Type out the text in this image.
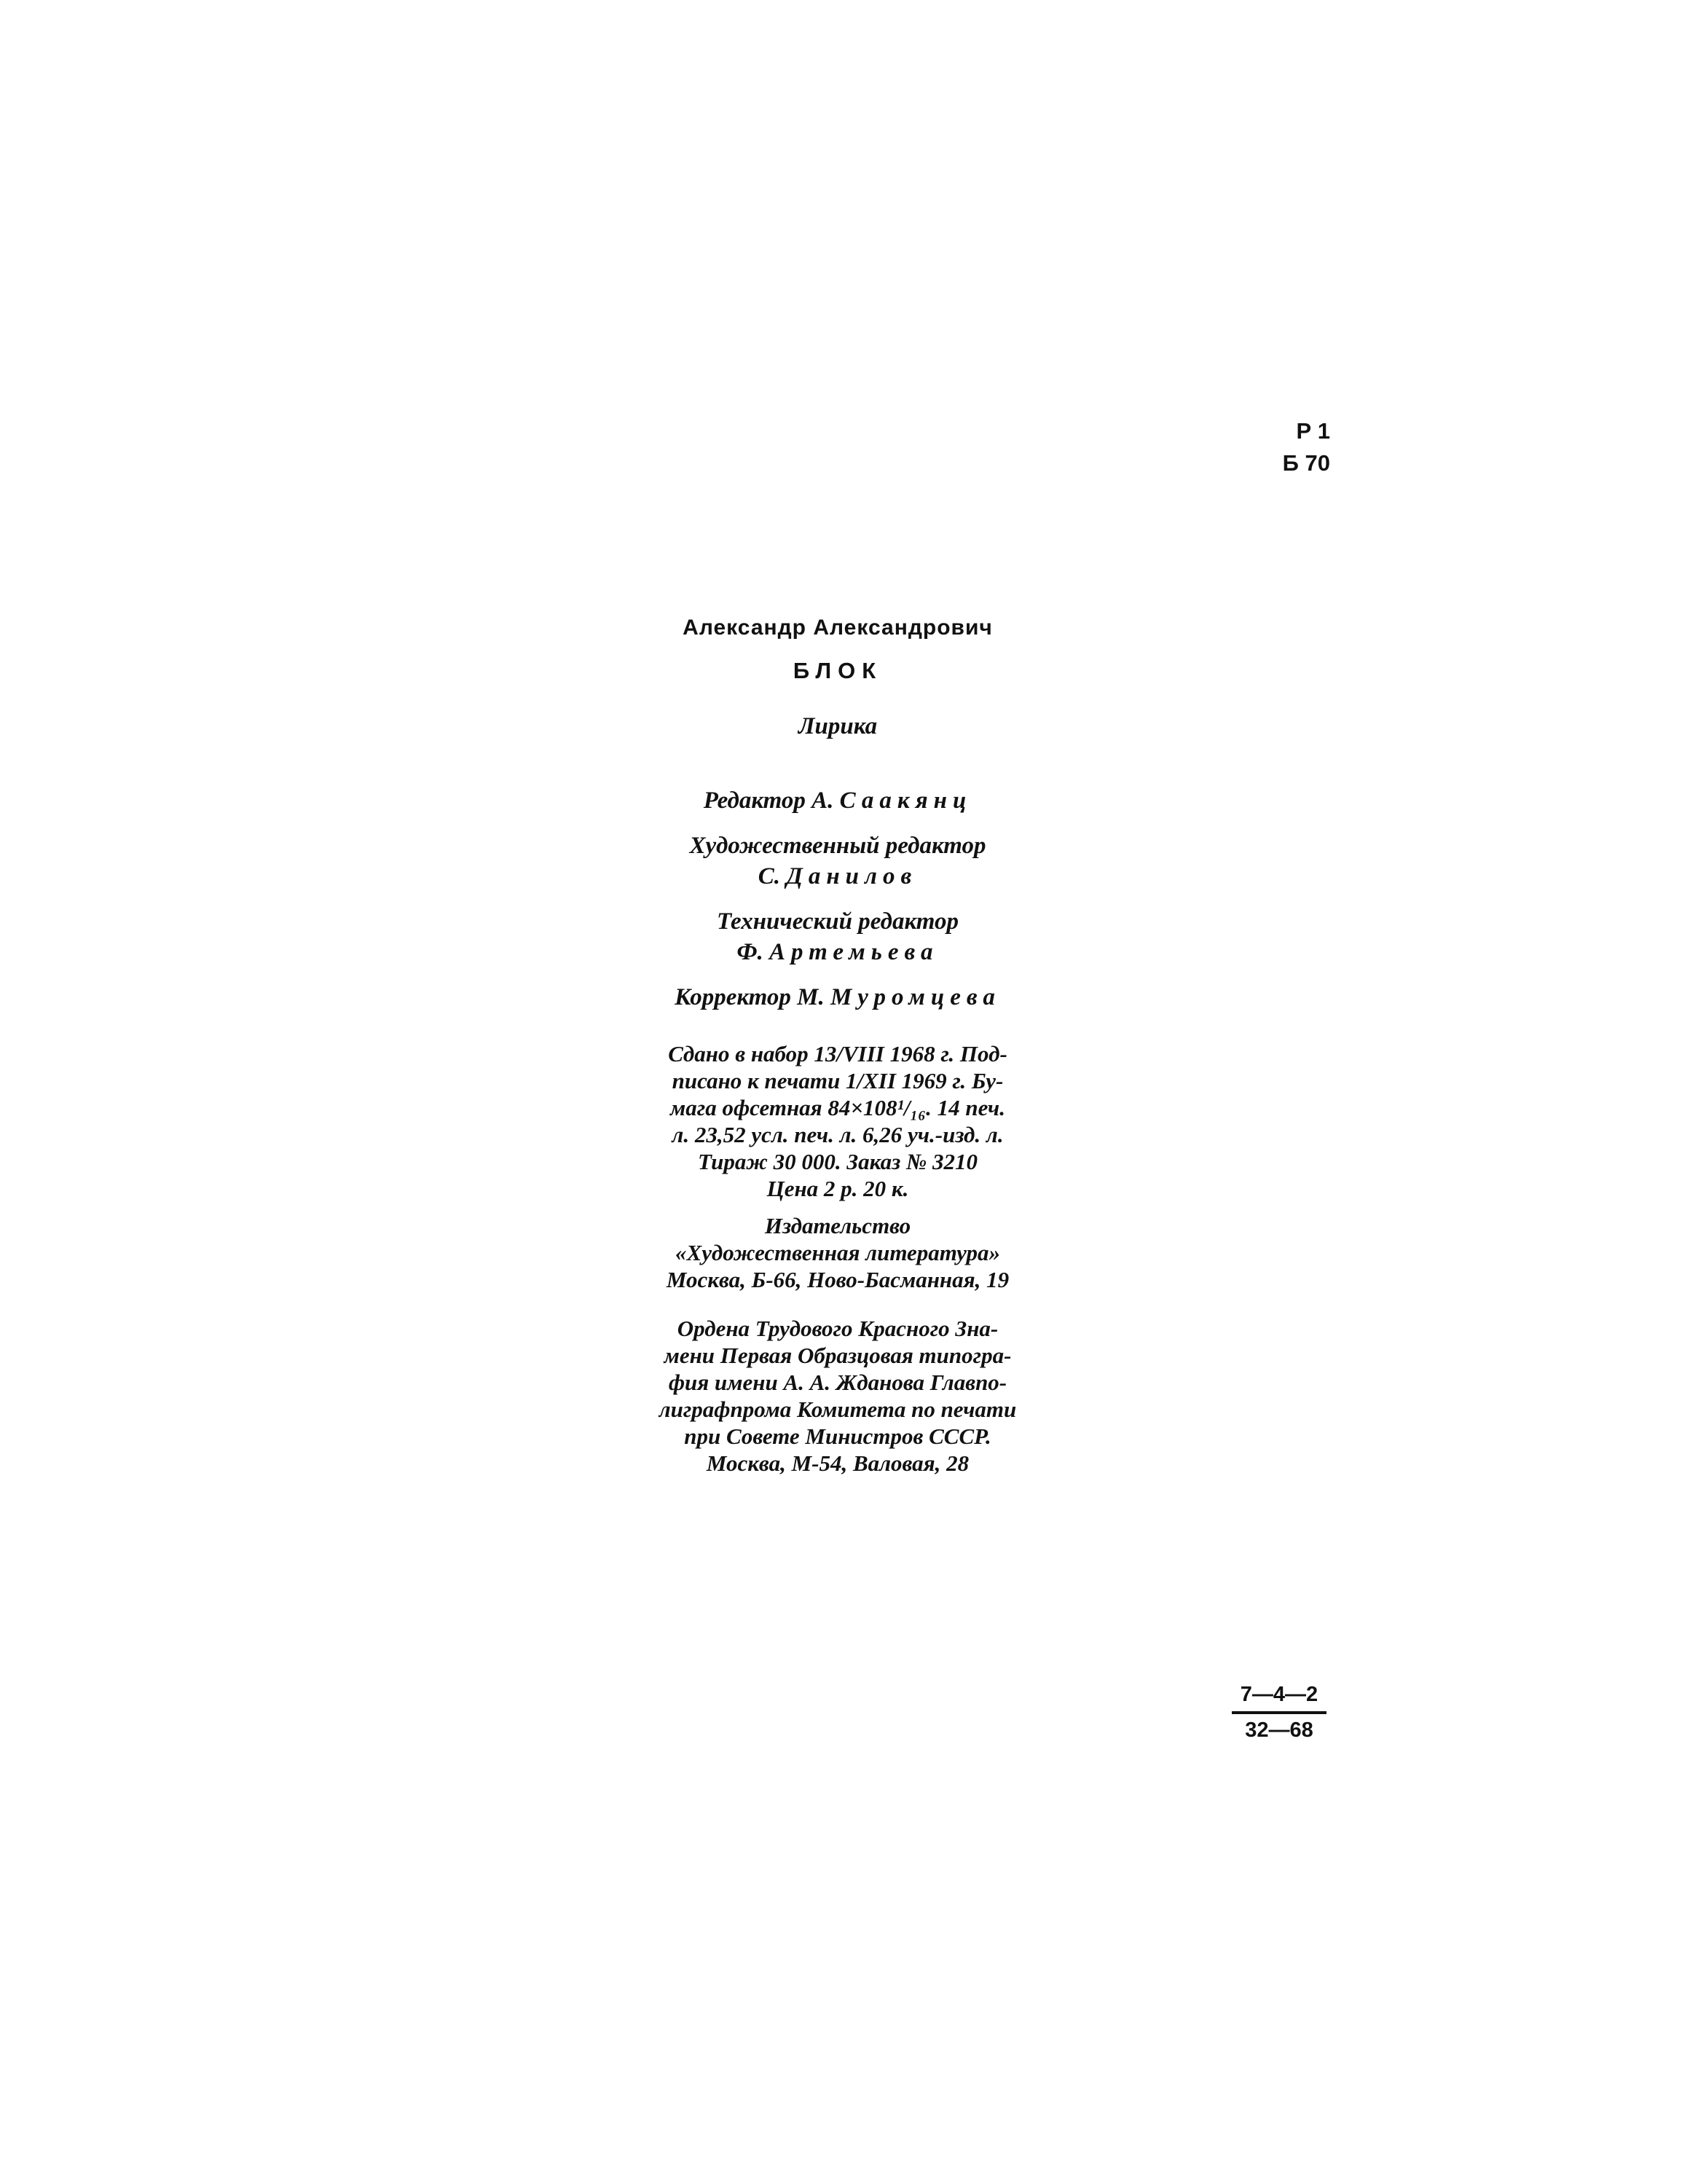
Р 1
Б 70

Александр Александрович

БЛОК

Лирика

Редактор А. Саакянц

Художественный редактор

С. Данилов

Технический редактор

Ф. Артемьева

Корректор М. Муромцева

Сдано в набор 13/VIII 1968 г. Под-

писано к печати 1/XII 1969 г. Бу-

мага офсетная 84×108¹/₁₆. 14 печ.

л. 23,52 усл. печ. л. 6,26 уч.-изд. л.

Тираж 30 000. Заказ № 3210

Цена 2 р. 20 к.

Издательство

«Художественная литература»

Москва, Б-66, Ново-Басманная, 19

Ордена Трудового Красного Зна-

мени Первая Образцовая типогра-

фия имени А. А. Жданова Главпо-

лиграфпрома Комитета по печати

при Совете Министров СССР.

Москва, М-54, Валовая, 28

7—4—2
32—68
